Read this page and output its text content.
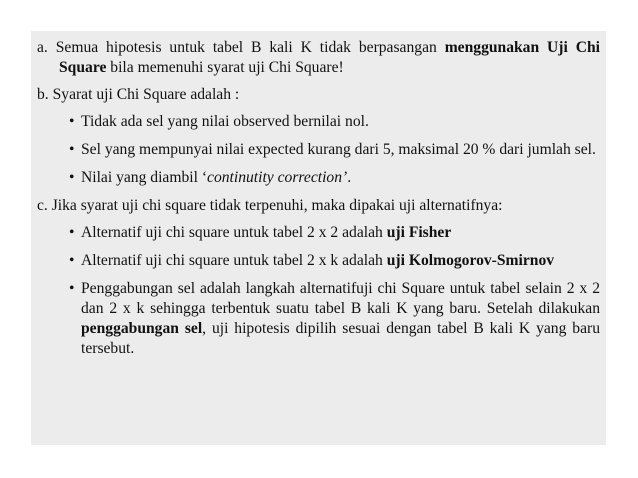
a. Semua hipotesis untuk tabel B kali K tidak berpasangan menggunakan Uji Chi Square bila memenuhi syarat uji Chi Square!

b. Syarat uji Chi Square adalah :

• Tidak ada sel yang nilai observed bernilai nol.
• Sel yang mempunyai nilai expected kurang dari 5, maksimal 20 % dari jumlah sel.
• Nilai yang diambil ‘continutity correction’.

c. Jika syarat uji chi square tidak terpenuhi, maka dipakai uji alternatifnya:

• Alternatif uji chi square untuk tabel 2 x 2 adalah uji Fisher
• Alternatif uji chi square untuk tabel 2 x k adalah uji Kolmogorov-Smirnov
• Penggabungan sel adalah langkah alternatifuji chi Square untuk tabel selain 2 x 2 dan 2 x k sehingga terbentuk suatu tabel B kali K yang baru. Setelah dilakukan penggabungan sel, uji hipotesis dipilih sesuai dengan tabel B kali K yang baru tersebut.
